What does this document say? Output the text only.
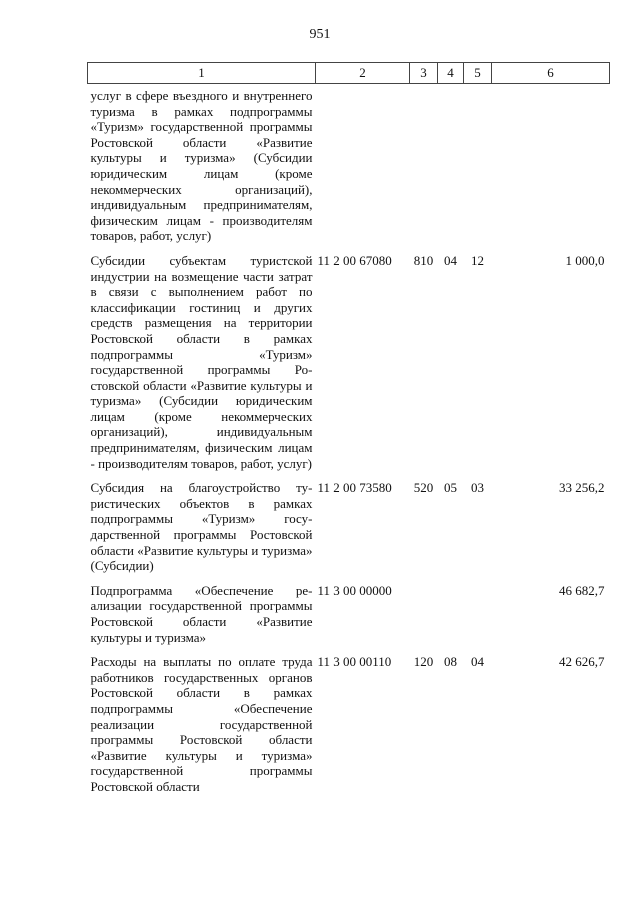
951
1	2	3	4	5	6
услуг в сфере въездного и внутреннего туризма в рамках подпрограммы «Туризм» государственной программы Ростовской области «Развитие культуры и туризма» (Субсидии юридическим лицам (кроме некоммерческих организаций), индивидуальным предпринимателям, физическим лицам - производителям товаров, работ, услуг)					
Субсидии субъектам туристской индустрии на возмещение части затрат в связи с выполнением работ по классификации гостиниц и других средств размещения на территории Ростовской области в рамках подпрограммы «Туризм» государственной программы Ростовской области «Развитие культуры и туризма» (Субсидии юридическим лицам (кроме некоммерческих организаций), индивидуальным предпринимателям, физическим лицам - производителям товаров, работ, услуг)	11 2 00 67080	810	04	12	1 000,0
Субсидия на благоустройство туристических объектов в рамках подпрограммы «Туризм» государственной программы Ростовской области «Развитие культуры и туризма» (Субсидии)	11 2 00 73580	520	05	03	33 256,2
Подпрограмма «Обеспечение реализации государственной программы Ростовской области «Развитие культуры и туризма»	11 3 00 00000				46 682,7
Расходы на выплаты по оплате труда работников государственных органов Ростовской области в рамках подпрограммы «Обеспечение реализации государственной программы Ростовской области «Развитие культуры и туризма» государственной программы Ростовской области	11 3 00 00110	120	08	04	42 626,7
